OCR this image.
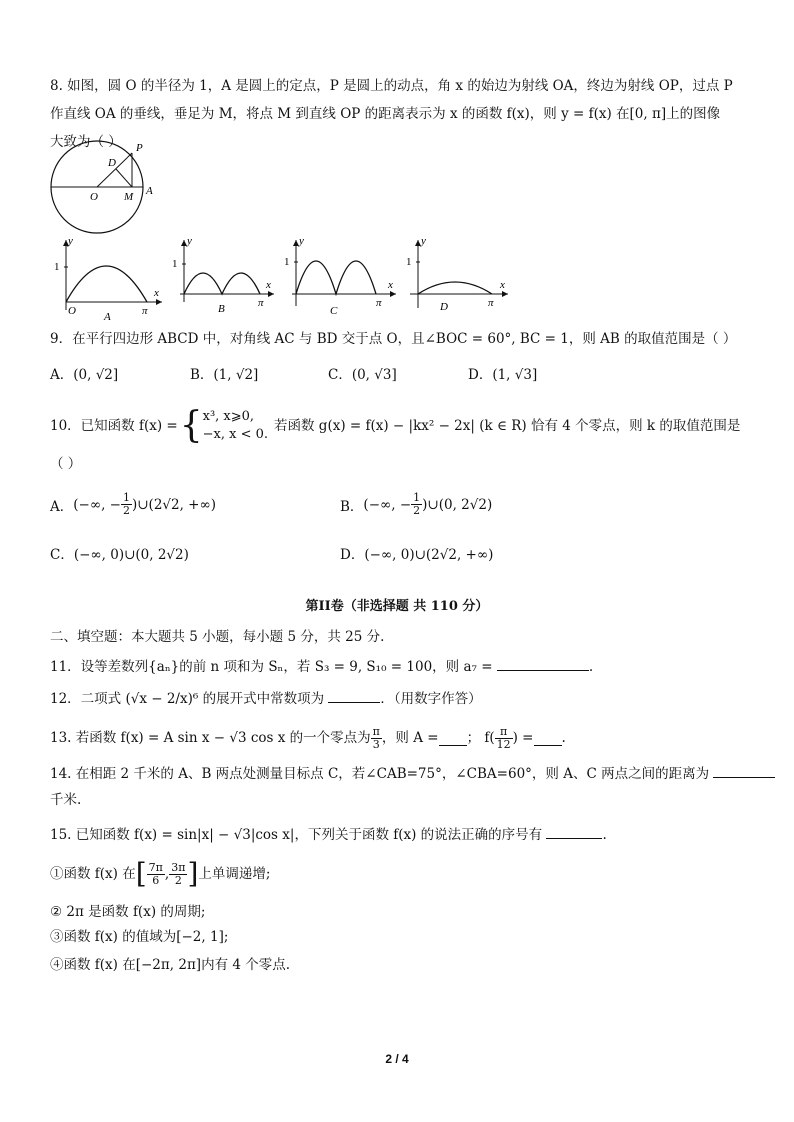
8. 如图，圆 O 的半径为 1，A 是圆上的定点，P 是圆上的动点，角 x 的始边为射线 OA，终边为射线 OP，过点 P
作直线 OA 的垂线，垂足为 M，将点 M 到直线 OP 的距离表示为 x 的函数 f(x)，则 y = f(x) 在[0, π]上的图像
大致为（ ）
D
P
O M A
y
1
x
O	π
A
y
1
x
π
B
y
1
x
π
C
y
1
x
π
D
9．在平行四边形 ABCD 中，对角线 AC 与 BD 交于点 O，且∠BOC = 60°, BC = 1，则 AB 的取值范围是（ ）
A．(0, √2]	B．(1, √2]	C．(0, √3]	D．(1, √3]
10．已知函数 f(x) = { x³, x⩾0,
−x, x < 0.
若函数 g(x) = f(x) − |kx² − 2x| (k ∈ R) 恰有 4 个零点，则 k 的取值范围是
（ ）
A． (−∞, − $\frac{1}{2}$ )∪(2√2, +∞)	B． (−∞, − $\frac{1}{2}$ )∪(0, 2√2)
C．(−∞, 0)∪(0, 2√2)	D．(−∞, 0)∪(2√2, +∞)
第II卷（非选择题 共 110 分）
二、填空题：本大题共 5 小题，每小题 5 分，共 25 分.
11．设等差数列{aₙ}的前 n 项和为 Sₙ，若 S₃ = 9, S₁₀ = 100，则 a₇ =	.
12．二项式 (√x − 2/x)⁶ 的展开式中常数项为	．（用数字作答）
13. 若函数 f(x) = A sin x − √3 cos x 的一个零点为 $\frac{\pi}{3}$ ，则 A = ； $f( \frac{\pi}{12}$ ) = .
14. 在相距 2 千米的 A、B 两点处测量目标点 C，若∠CAB=75°，∠CBA=60°，则 A、C 两点之间的距离为
千米.
15. 已知函数 f(x) = sin|x| − √3|cos x|，下列关于函数 f(x) 的说法正确的序号有	.
①函数 f(x) 在 [ $\frac{7\pi}{6}$ , $\frac{3\pi}{2}$ ] 上单调递增;
② 2π 是函数 f(x) 的周期;
③函数 f(x) 的值域为[−2, 1];
④函数 f(x) 在[−2π, 2π]内有 4 个零点.
2 / 4
